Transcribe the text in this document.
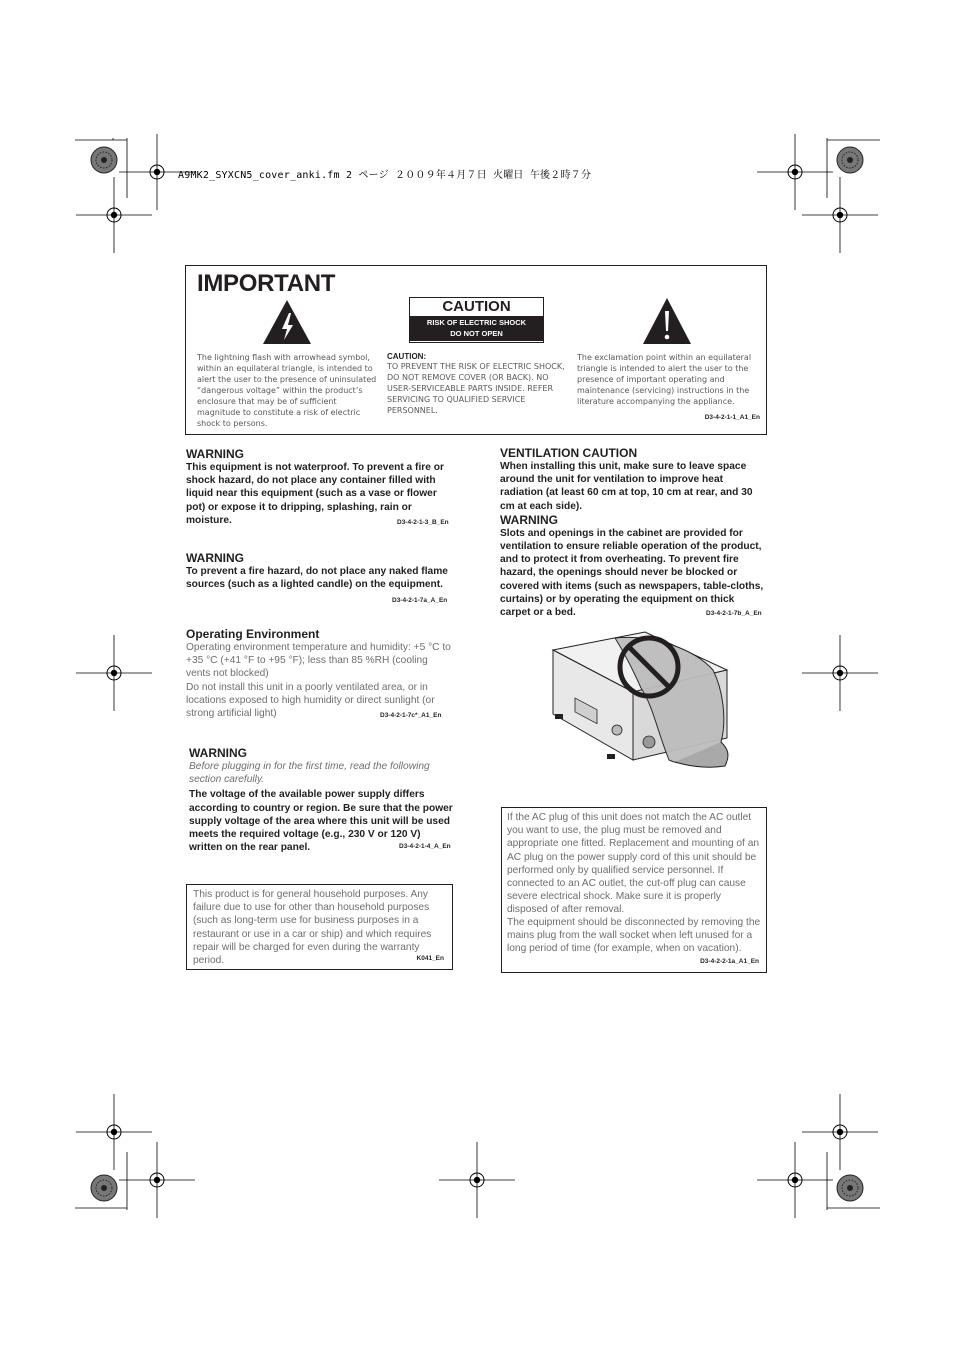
A9MK2_SYXCN5_cover_anki.fm 2 ページ ２００９年４月７日 火曜日 午後２時７分
IMPORTANT
CAUTION
RISK OF ELECTRIC SHOCK
DO NOT OPEN
The lightning flash with arrowhead symbol, within an equilateral triangle, is intended to alert the user to the presence of uninsulated “dangerous voltage” within the product’s enclosure that may be of sufficient magnitude to constitute a risk of electric shock to persons.
CAUTION:
TO PREVENT THE RISK OF ELECTRIC SHOCK, DO NOT REMOVE COVER (OR BACK). NO USER-SERVICEABLE PARTS INSIDE. REFER SERVICING TO QUALIFIED SERVICE PERSONNEL.
The exclamation point within an equilateral triangle is intended to alert the user to the presence of important operating and maintenance (servicing) instructions in the literature accompanying the appliance.
D3-4-2-1-1_A1_En
WARNING
This equipment is not waterproof. To prevent a fire or shock hazard, do not place any container filled with liquid near this equipment (such as a vase or flower pot) or expose it to dripping, splashing, rain or moisture.	D3-4-2-1-3_B_En
WARNING
To prevent a fire hazard, do not place any naked flame sources (such as a lighted candle) on the equipment.
D3-4-2-1-7a_A_En
Operating Environment
Operating environment temperature and humidity: +5 °C to +35 °C (+41 °F to +95 °F); less than 85 %RH (cooling vents not blocked)
Do not install this unit in a poorly ventilated area, or in locations exposed to high humidity or direct sunlight (or strong artificial light)	D3-4-2-1-7c*_A1_En
WARNING
Before plugging in for the first time, read the following section carefully.
The voltage of the available power supply differs according to country or region. Be sure that the power supply voltage of the area where this unit will be used meets the required voltage (e.g., 230 V or 120 V) written on the rear panel.	D3-4-2-1-4_A_En
This product is for general household purposes. Any failure due to use for other than household purposes (such as long-term use for business purposes in a restaurant or use in a car or ship) and which requires repair will be charged for even during the warranty period.	K041_En
VENTILATION CAUTION
When installing this unit, make sure to leave space around the unit for ventilation to improve heat radiation (at least 60 cm at top, 10 cm at rear, and 30 cm at each side).
WARNING
Slots and openings in the cabinet are provided for ventilation to ensure reliable operation of the product, and to protect it from overheating. To prevent fire hazard, the openings should never be blocked or covered with items (such as newspapers, table-cloths, curtains) or by operating the equipment on thick carpet or a bed.	D3-4-2-1-7b_A_En
If the AC plug of this unit does not match the AC outlet you want to use, the plug must be removed and appropriate one fitted. Replacement and mounting of an AC plug on the power supply cord of this unit should be performed only by qualified service personnel. If connected to an AC outlet, the cut-off plug can cause severe electrical shock. Make sure it is properly disposed of after removal.
The equipment should be disconnected by removing the mains plug from the wall socket when left unused for a long period of time (for example, when on vacation).
D3-4-2-2-1a_A1_En
